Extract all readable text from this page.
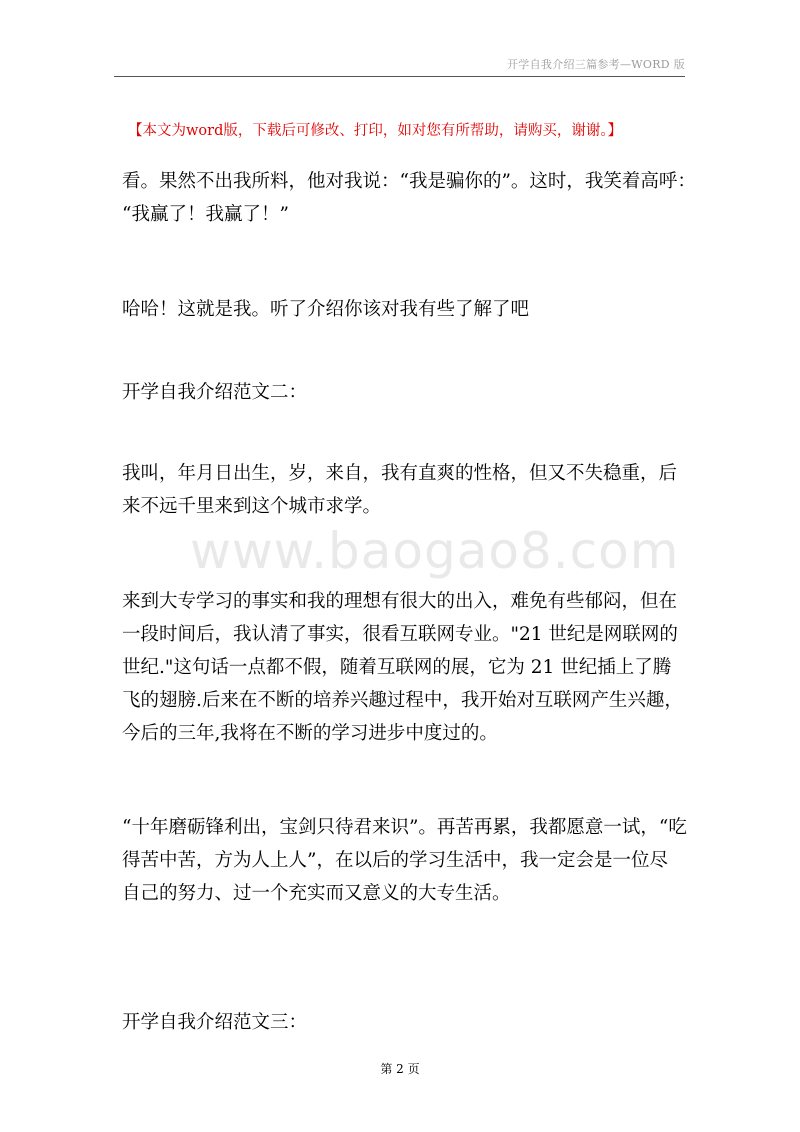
开学自我介绍三篇参考—WORD 版
【本文为word版，下载后可修改、打印，如对您有所帮助，请购买，谢谢。】
www.baogao8.com
看。果然不出我所料，他对我说：“我是骗你的”。这时，我笑着高呼：
“我赢了！我赢了！”
哈哈！这就是我。听了介绍你该对我有些了解了吧
开学自我介绍范文二：
我叫，年月日出生，岁，来自，我有直爽的性格，但又不失稳重，后
来不远千里来到这个城市求学。
来到大专学习的事实和我的理想有很大的出入，难免有些郁闷，但在
一段时间后，我认清了事实，很看互联网专业。"21 世纪是网联网的
世纪."这句话一点都不假，随着互联网的展，它为 21 世纪插上了腾
飞的翅膀.后来在不断的培养兴趣过程中，我开始对互联网产生兴趣，
今后的三年,我将在不断的学习进步中度过的。
“十年磨砺锋利出，宝剑只待君来识”。再苦再累，我都愿意一试，“吃
得苦中苦，方为人上人”，在以后的学习生活中，我一定会是一位尽
自己的努力、过一个充实而又意义的大专生活。
开学自我介绍范文三：
第 2 页
